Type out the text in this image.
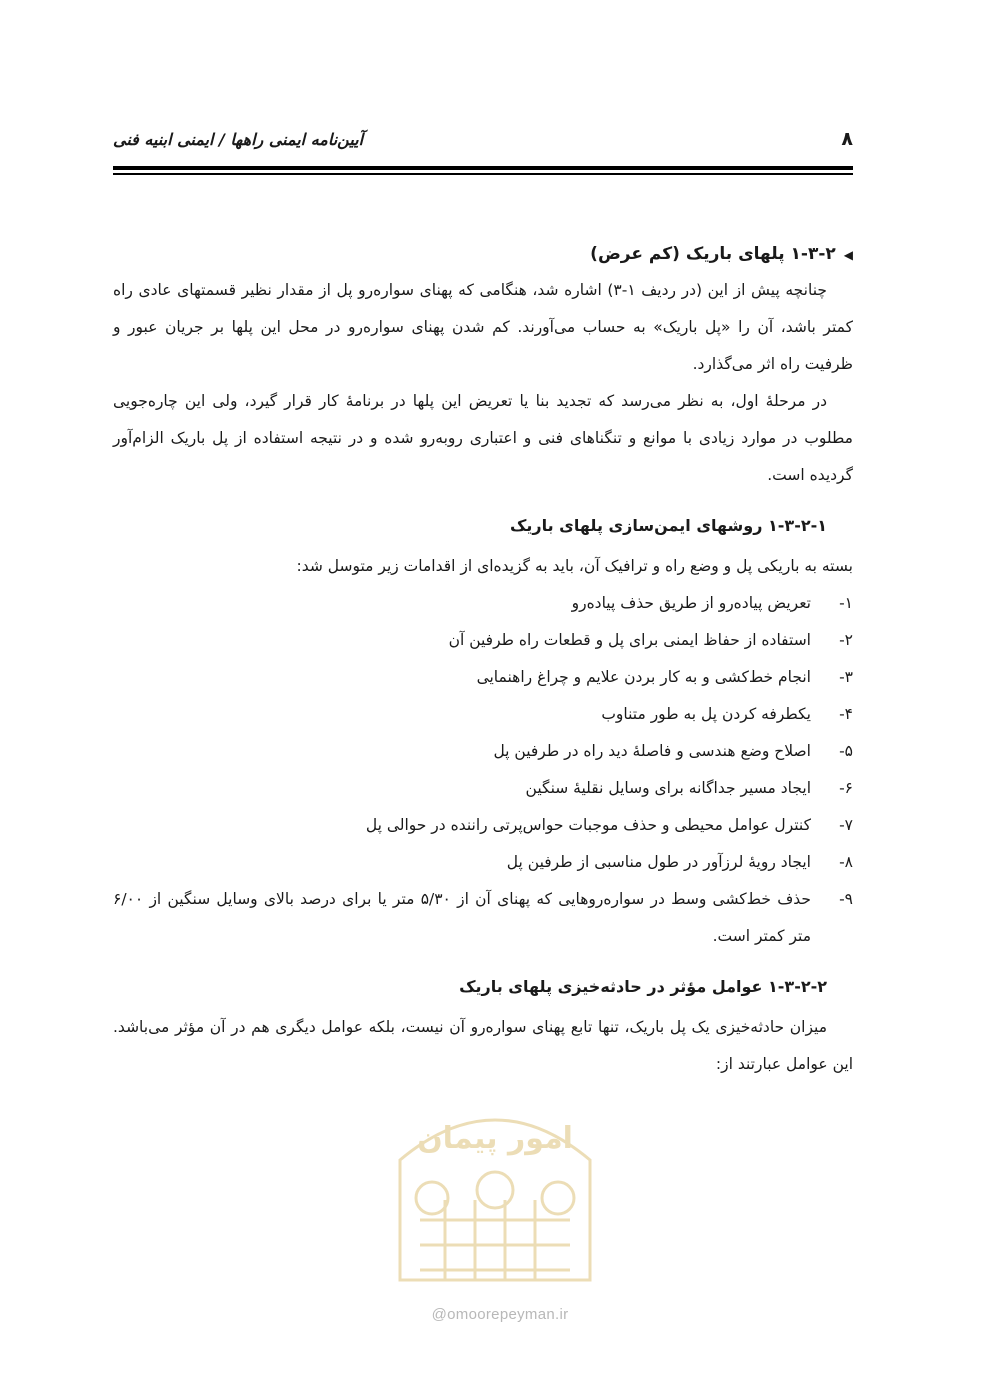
۸
آیین‌نامه ایمنی راهها / ایمنی ابنیه فنی
◀۱-۳-۲ پلهای باریک (کم عرض)

چنانچه پیش از این (در ردیف ۱-۳) اشاره شد، هنگامی که پهنای سواره‌رو پل از مقدار نظیر قسمتهای عادی راه کمتر باشد، آن را «پل باریک» به حساب می‌آورند. کم شدن پهنای سواره‌رو در محل این پلها بر جریان عبور و ظرفیت راه اثر می‌گذارد.

در مرحلهٔ اول، به نظر می‌رسد که تجدید بنا یا تعریض این پلها در برنامهٔ کار قرار گیرد، ولی این چاره‌جویی مطلوب در موارد زیادی با موانع و تنگناهای فنی و اعتباری روبه‌رو شده و در نتیجه استفاده از پل باریک الزام‌آور گردیده است.

۱-۳-۲-۱ روشهای ایمن‌سازی پلهای باریک

بسته به باریکی پل و وضع راه و ترافیک آن، باید به گزیده‌ای از اقدامات زیر متوسل شد:

۱-
تعریض پیاده‌رو از طریق حذف پیاده‌رو
۲-
استفاده از حفاظ ایمنی برای پل و قطعات راه طرفین آن
۳-
انجام خط‌کشی و به کار بردن علایم و چراغ راهنمایی
۴-
یکطرفه کردن پل به طور متناوب
۵-
اصلاح وضع هندسی و فاصلهٔ دید راه در طرفین پل
۶-
ایجاد مسیر جداگانه برای وسایل نقلیهٔ سنگین
۷-
کنترل عوامل محیطی و حذف موجبات حواس‌پرتی راننده در حوالی پل
۸-
ایجاد رویهٔ لرزآور در طول مناسبی از طرفین پل
۹-
حذف خط‌کشی وسط در سواره‌روهایی که پهنای آن از ۵/۳۰ متر یا برای درصد بالای وسایل سنگین از ۶/۰۰ متر کمتر است.
۱-۳-۲-۲ عوامل مؤثر در حادثه‌خیزی پلهای باریک

میزان حادثه‌خیزی یک پل باریک، تنها تابع پهنای سواره‌رو آن نیست، بلکه عوامل دیگری هم در آن مؤثر می‌باشد. این عوامل عبارتند از:

امور پیمان
@omoorepeyman.ir
